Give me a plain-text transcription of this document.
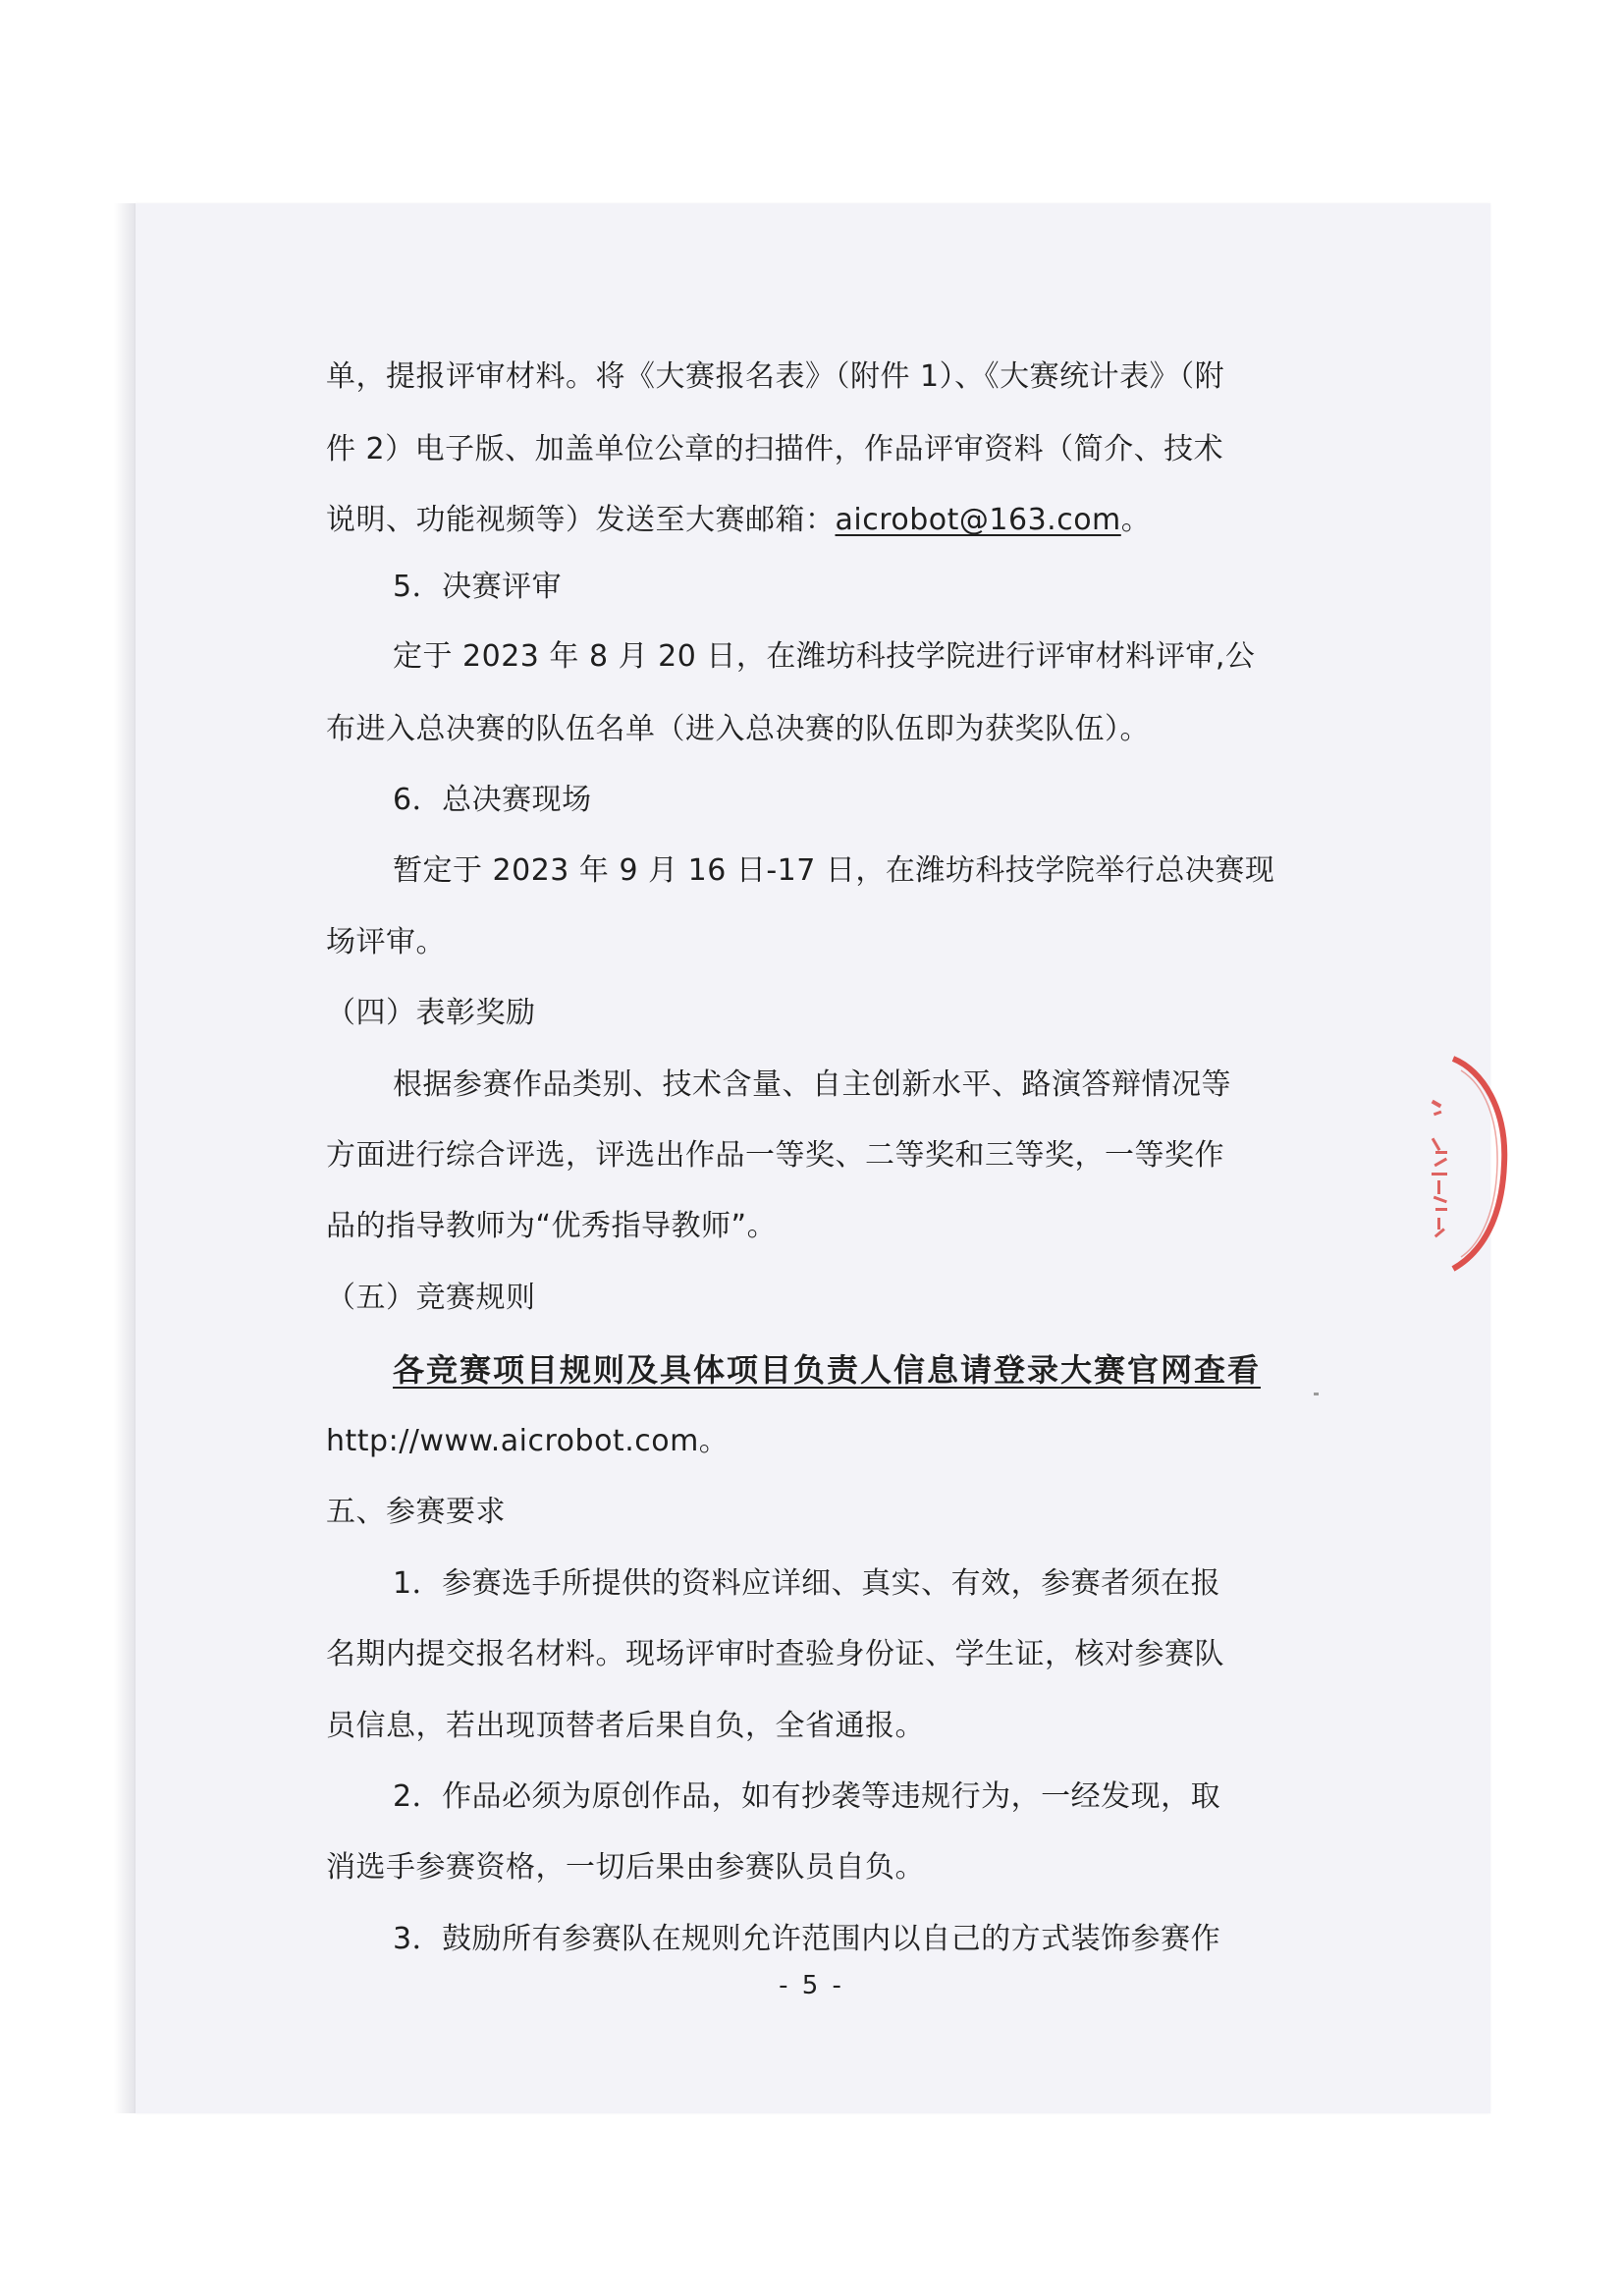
单，提报评审材料。将《大赛报名表》（附件 1）、《大赛统计表》（附
件 2）电子版、加盖单位公章的扫描件，作品评审资料（简介、技术
说明、功能视频等）发送至大赛邮箱：aicrobot@163.com。
5．决赛评审
定于 2023 年 8 月 20 日，在潍坊科技学院进行评审材料评审,公
布进入总决赛的队伍名单（进入总决赛的队伍即为获奖队伍）。
6．总决赛现场
暂定于 2023 年 9 月 16 日-17 日，在潍坊科技学院举行总决赛现
场评审。
（四）表彰奖励
根据参赛作品类别、技术含量、自主创新水平、路演答辩情况等
方面进行综合评选，评选出作品一等奖、二等奖和三等奖，一等奖作
品的指导教师为“优秀指导教师”。
（五）竞赛规则
各竞赛项目规则及具体项目负责人信息请登录大赛官网查看
http://www.aicrobot.com。
五、参赛要求
1．参赛选手所提供的资料应详细、真实、有效，参赛者须在报
名期内提交报名材料。现场评审时查验身份证、学生证，核对参赛队
员信息，若出现顶替者后果自负，全省通报。
2．作品必须为原创作品，如有抄袭等违规行为，一经发现，取
消选手参赛资格，一切后果由参赛队员自负。
3．鼓励所有参赛队在规则允许范围内以自己的方式装饰参赛作
- 5 -
